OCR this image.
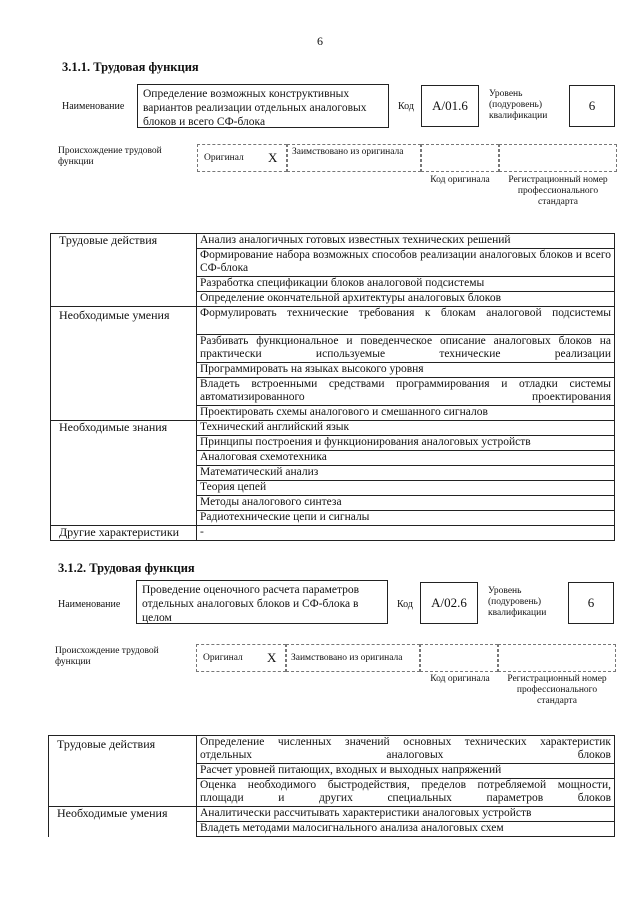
6
3.1.1. Трудовая функция
Наименование
Определение возможных конструктивных вариантов реализации отдельных аналоговых блоков и всего СФ-блока
Код	А/01.6
Уровень (подуровень) квалификации
6
Происхождение трудовой функции	Оригинал X Заимствовано из оригинала
Код оригинала	Регистрационный номер профессионального стандарта
Трудовые действия	Анализ аналогичных готовых известных технических решений
	Формирование набора возможных способов реализации аналоговых блоков и всего СФ-блока
	Разработка спецификации блоков аналоговой подсистемы
	Определение окончательной архитектуры аналоговых блоков
Необходимые умения	Формулировать технические требования к блокам аналоговой подсистемы
	Разбивать функциональное и поведенческое описание аналоговых блоков на практически используемые технические реализации
	Программировать на языках высокого уровня
	Владеть встроенными средствами программирования и отладки системы автоматизированного проектирования
	Проектировать схемы аналогового и смешанного сигналов
Необходимые знания	Технический английский язык
	Принципы построения и функционирования аналоговых устройств
	Аналоговая схемотехника
	Математический анализ
	Теория цепей
	Методы аналогового синтеза
	Радиотехнические цепи и сигналы
Другие характеристики	-
3.1.2. Трудовая функция
Наименование
Проведение оценочного расчета параметров отдельных аналоговых блоков и СФ-блока в целом
Код	А/02.6
Уровень (подуровень) квалификации
6
Происхождение трудовой функции	Оригинал X Заимствовано из оригинала
Код оригинала	Регистрационный номер профессионального стандарта
Трудовые действия	Определение численных значений основных технических характеристик отдельных аналоговых блоков
	Расчет уровней питающих, входных и выходных напряжений
	Оценка необходимого быстродействия, пределов потребляемой мощности, площади и других специальных параметров блоков
Необходимые умения	Аналитически рассчитывать характеристики аналоговых устройств
	Владеть методами малосигнального анализа аналоговых схем
